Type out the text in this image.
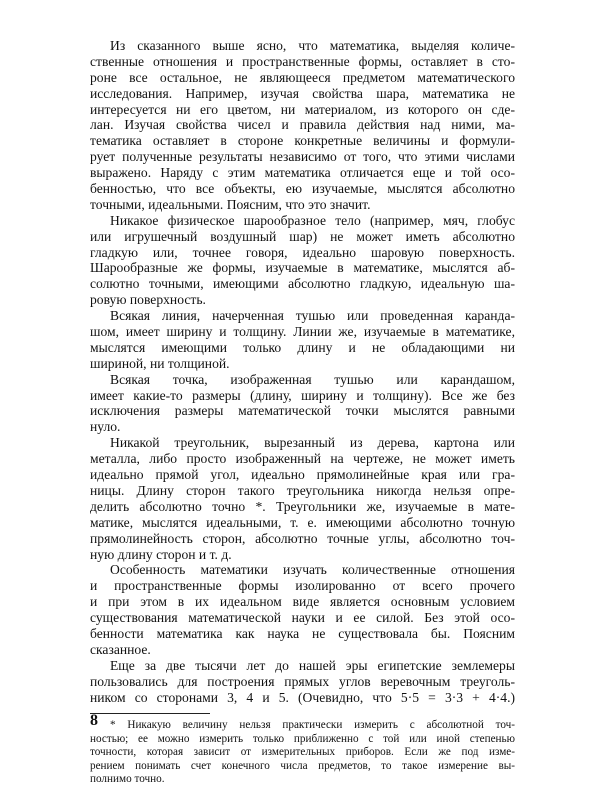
Из сказанного выше ясно, что математика, выделяя количе-
ственные отношения и пространственные формы, оставляет в сто-
роне все остальное, не являющееся предметом математического
исследования. Например, изучая свойства шара, математика не
интересуется ни его цветом, ни материалом, из которого он сде-
лан. Изучая свойства чисел и правила действия над ними, ма-
тематика оставляет в стороне конкретные величины и формули-
рует полученные результаты независимо от того, что этими числами
выражено. Наряду с этим математика отличается еще и той осо-
бенностью, что все объекты, ею изучаемые, мыслятся абсолютно
точными, идеальными. Поясним, что это значит.
Никакое физическое шарообразное тело (например, мяч, глобус
или игрушечный воздушный шар) не может иметь абсолютно
гладкую или, точнее говоря, идеально шаровую поверхность.
Шарообразные же формы, изучаемые в математике, мыслятся аб-
солютно точными, имеющими абсолютно гладкую, идеальную ша-
ровую поверхность.
Всякая линия, начерченная тушью или проведенная каранда-
шом, имеет ширину и толщину. Линии же, изучаемые в математике,
мыслятся имеющими только длину и не обладающими ни
шириной, ни толщиной.
Всякая точка, изображенная тушью или карандашом,
имеет какие-то размеры (длину, ширину и толщину). Все же без
исключения размеры математической точки мыслятся равными
нуло.
Никакой треугольник, вырезанный из дерева, картона или
металла, либо просто изображенный на чертеже, не может иметь
идеально прямой угол, идеально прямолинейные края или гра-
ницы. Длину сторон такого треугольника никогда нельзя опре-
делить абсолютно точно *. Треугольники же, изучаемые в мате-
матике, мыслятся идеальными, т. е. имеющими абсолютно точную
прямолинейность сторон, абсолютно точные углы, абсолютно точ-
ную длину сторон и т. д.
Особенность математики изучать количественные отношения
и пространственные формы изолированно от всего прочего
и при этом в их идеальном виде является основным условием
существования математической науки и ее силой. Без этой осо-
бенности математика как наука не существовала бы. Поясним
сказанное.
Еще за две тысячи лет до нашей эры египетские землемеры
пользовались для построения прямых углов веревочным треуголь-
ником со сторонами 3, 4 и 5. (Очевидно, что 5·5 = 3·3 + 4·4.)
* Никакую величину нельзя практически измерить с абсолютной точ-
ностью; ее можно измерить только приближенно с той или иной степенью
точности, которая зависит от измерительных приборов. Если же под изме-
рением понимать счет конечного числа предметов, то такое измерение вы-
полнимо точно.
8
